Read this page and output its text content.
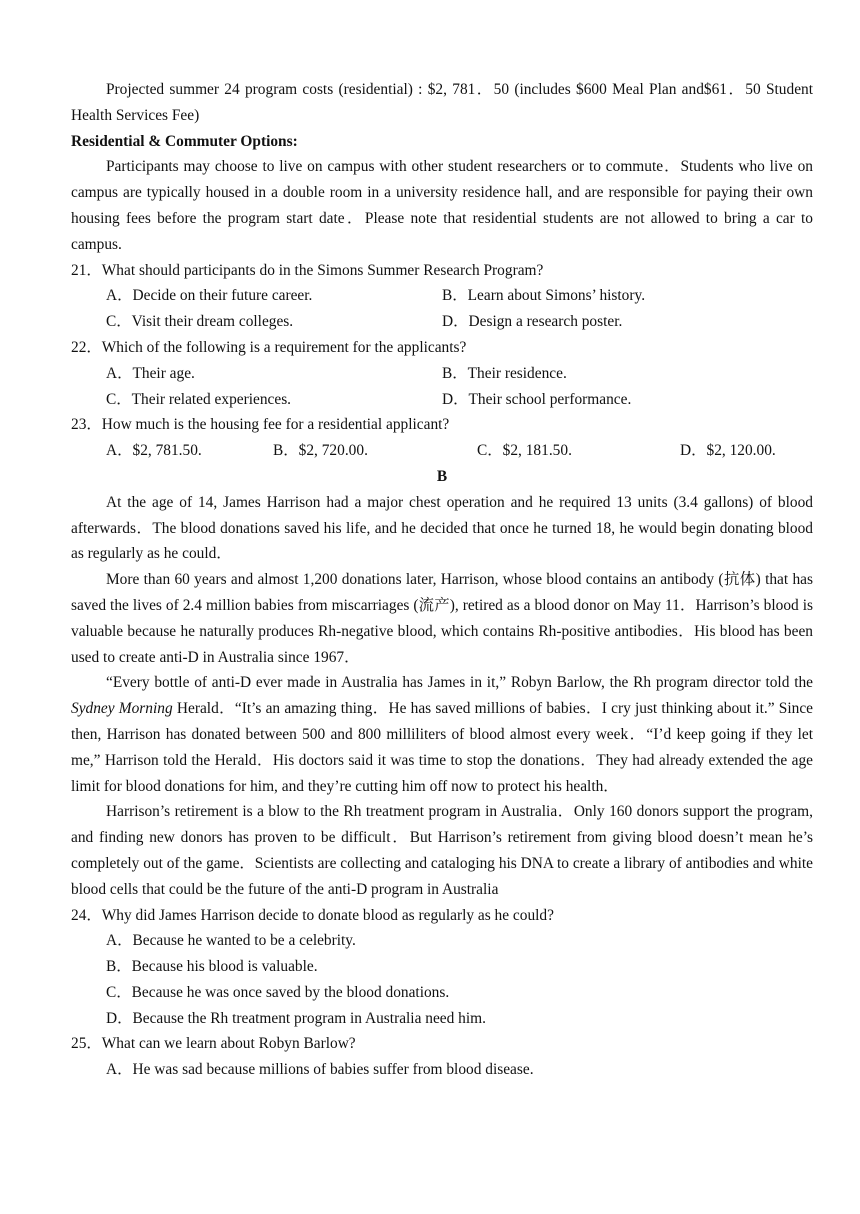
Projected summer 24 program costs (residential) : $2, 781．50 (includes $600 Meal Plan and$61．50 Student Health Services Fee)

Residential & Commuter Options:

Participants may choose to live on campus with other student researchers or to commute．Students who live on campus are typically housed in a double room in a university residence hall, and are responsible for paying their own housing fees before the program start date．Please note that residential students are not allowed to bring a car to campus.

21．What should participants do in the Simons Summer Research Program?

A．Decide on their future career.	B．Learn about Simons’ history.
C．Visit their dream colleges.	D．Design a research poster.

22．Which of the following is a requirement for the applicants?

A．Their age.	B．Their residence.
C．Their related experiences.	D．Their school performance.

23．How much is the housing fee for a residential applicant?

A．$2, 781.50.	B．$2, 720.00.	C．$2, 181.50.	D．$2, 120.00.

B

At the age of 14, James Harrison had a major chest operation and he required 13 units (3.4 gallons) of blood afterwards．The blood donations saved his life, and he decided that once he turned 18, he would begin donating blood as regularly as he could．

More than 60 years and almost 1,200 donations later, Harrison, whose blood contains an antibody (抗体) that has saved the lives of 2.4 million babies from miscarriages (流产), retired as a blood donor on May 11．Harrison’s blood is valuable because he naturally produces Rh-negative blood, which contains Rh-positive antibodies．His blood has been used to create anti-D in Australia since 1967．

“Every bottle of anti-D ever made in Australia has James in it,” Robyn Barlow, the Rh program director told the Sydney Morning Herald．“It’s an amazing thing．He has saved millions of babies．I cry just thinking about it.” Since then, Harrison has donated between 500 and 800 milliliters of blood almost every week．“I’d keep going if they let me,” Harrison told the Herald．His doctors said it was time to stop the donations．They had already extended the age limit for blood donations for him, and they’re cutting him off now to protect his health．

Harrison’s retirement is a blow to the Rh treatment program in Australia．Only 160 donors support the program, and finding new donors has proven to be difficult．But Harrison’s retirement from giving blood doesn’t mean he’s completely out of the game．Scientists are collecting and cataloging his DNA to create a library of antibodies and white blood cells that could be the future of the anti-D program in Australia

24．Why did James Harrison decide to donate blood as regularly as he could?

A．Because he wanted to be a celebrity.

B．Because his blood is valuable.

C．Because he was once saved by the blood donations.

D．Because the Rh treatment program in Australia need him.

25．What can we learn about Robyn Barlow?

A．He was sad because millions of babies suffer from blood disease.
